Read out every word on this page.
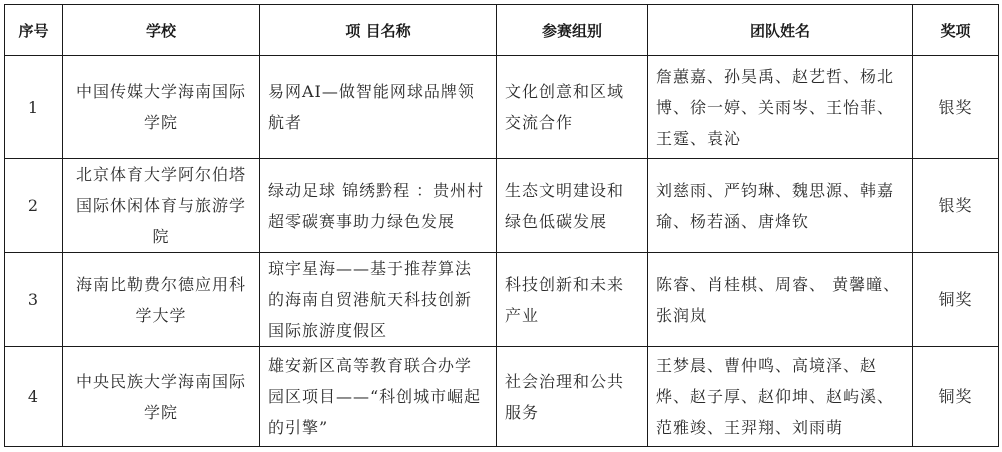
序号	学校	项 目名称	参赛组别	团队姓名	奖项
1	中国传媒大学海南国际学院	易网AI—做智能网球品牌领航者	文化创意和区域交流合作	詹蕙嘉、孙昊禹、赵艺哲、杨北博、徐一婷、关雨岑、王怡菲、王霆、袁沁	银奖
2	北京体育大学阿尔伯塔国际休闲体育与旅游学院	绿动足球 锦绣黔程 ：贵州村超零碳赛事助力绿色发展	生态文明建设和绿色低碳发展	刘慈雨、严钧琳、魏思源、韩嘉瑜、杨若涵、唐烽钦	银奖
3	海南比勒费尔德应用科学大学	琼宇星海——基于推荐算法的海南自贸港航天科技创新国际旅游度假区	科技创新和未来产业	陈睿、肖桂棋、周睿、 黄馨曈、张润岚	铜奖
4	中央民族大学海南国际学院	雄安新区高等教育联合办学园区项目——“科创城市崛起的引擎”	社会治理和公共服务	王梦晨、曹仲鸣、高境泽、赵烨、赵子厚、赵仰坤、赵屿溪、范雅竣、王羿翔、刘雨萌	铜奖
